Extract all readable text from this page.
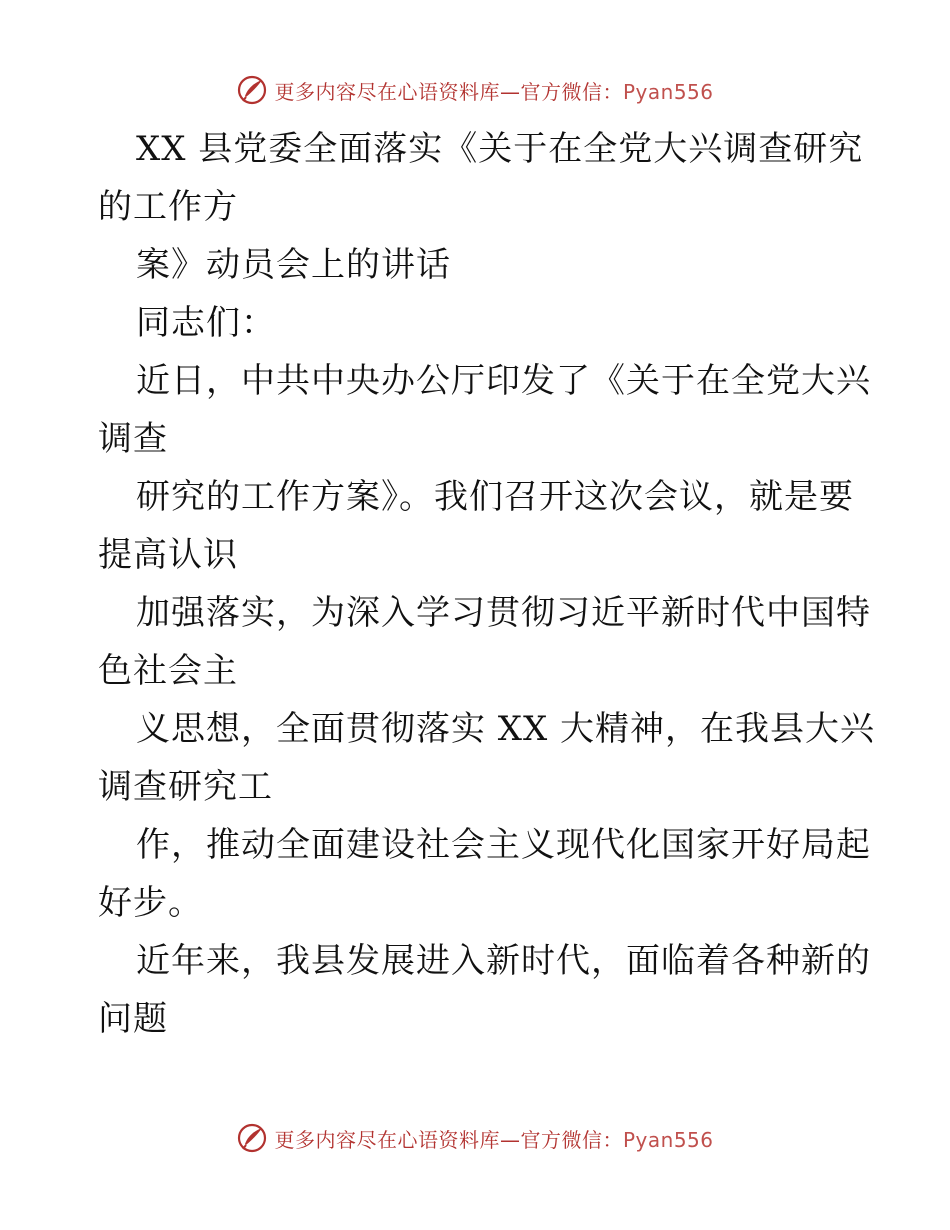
更多内容尽在心语资料库—官方微信：Pyan556
XX 县党委全面落实《关于在全党大兴调查研究
的工作方
案》动员会上的讲话
同志们：
近日，中共中央办公厅印发了《关于在全党大兴
调查
研究的工作方案》。我们召开这次会议，就是要
提高认识
加强落实，为深入学习贯彻习近平新时代中国特
色社会主
义思想，全面贯彻落实 XX 大精神，在我县大兴
调查研究工
作，推动全面建设社会主义现代化国家开好局起
好步。
近年来，我县发展进入新时代，面临着各种新的
问题
更多内容尽在心语资料库—官方微信：Pyan556
